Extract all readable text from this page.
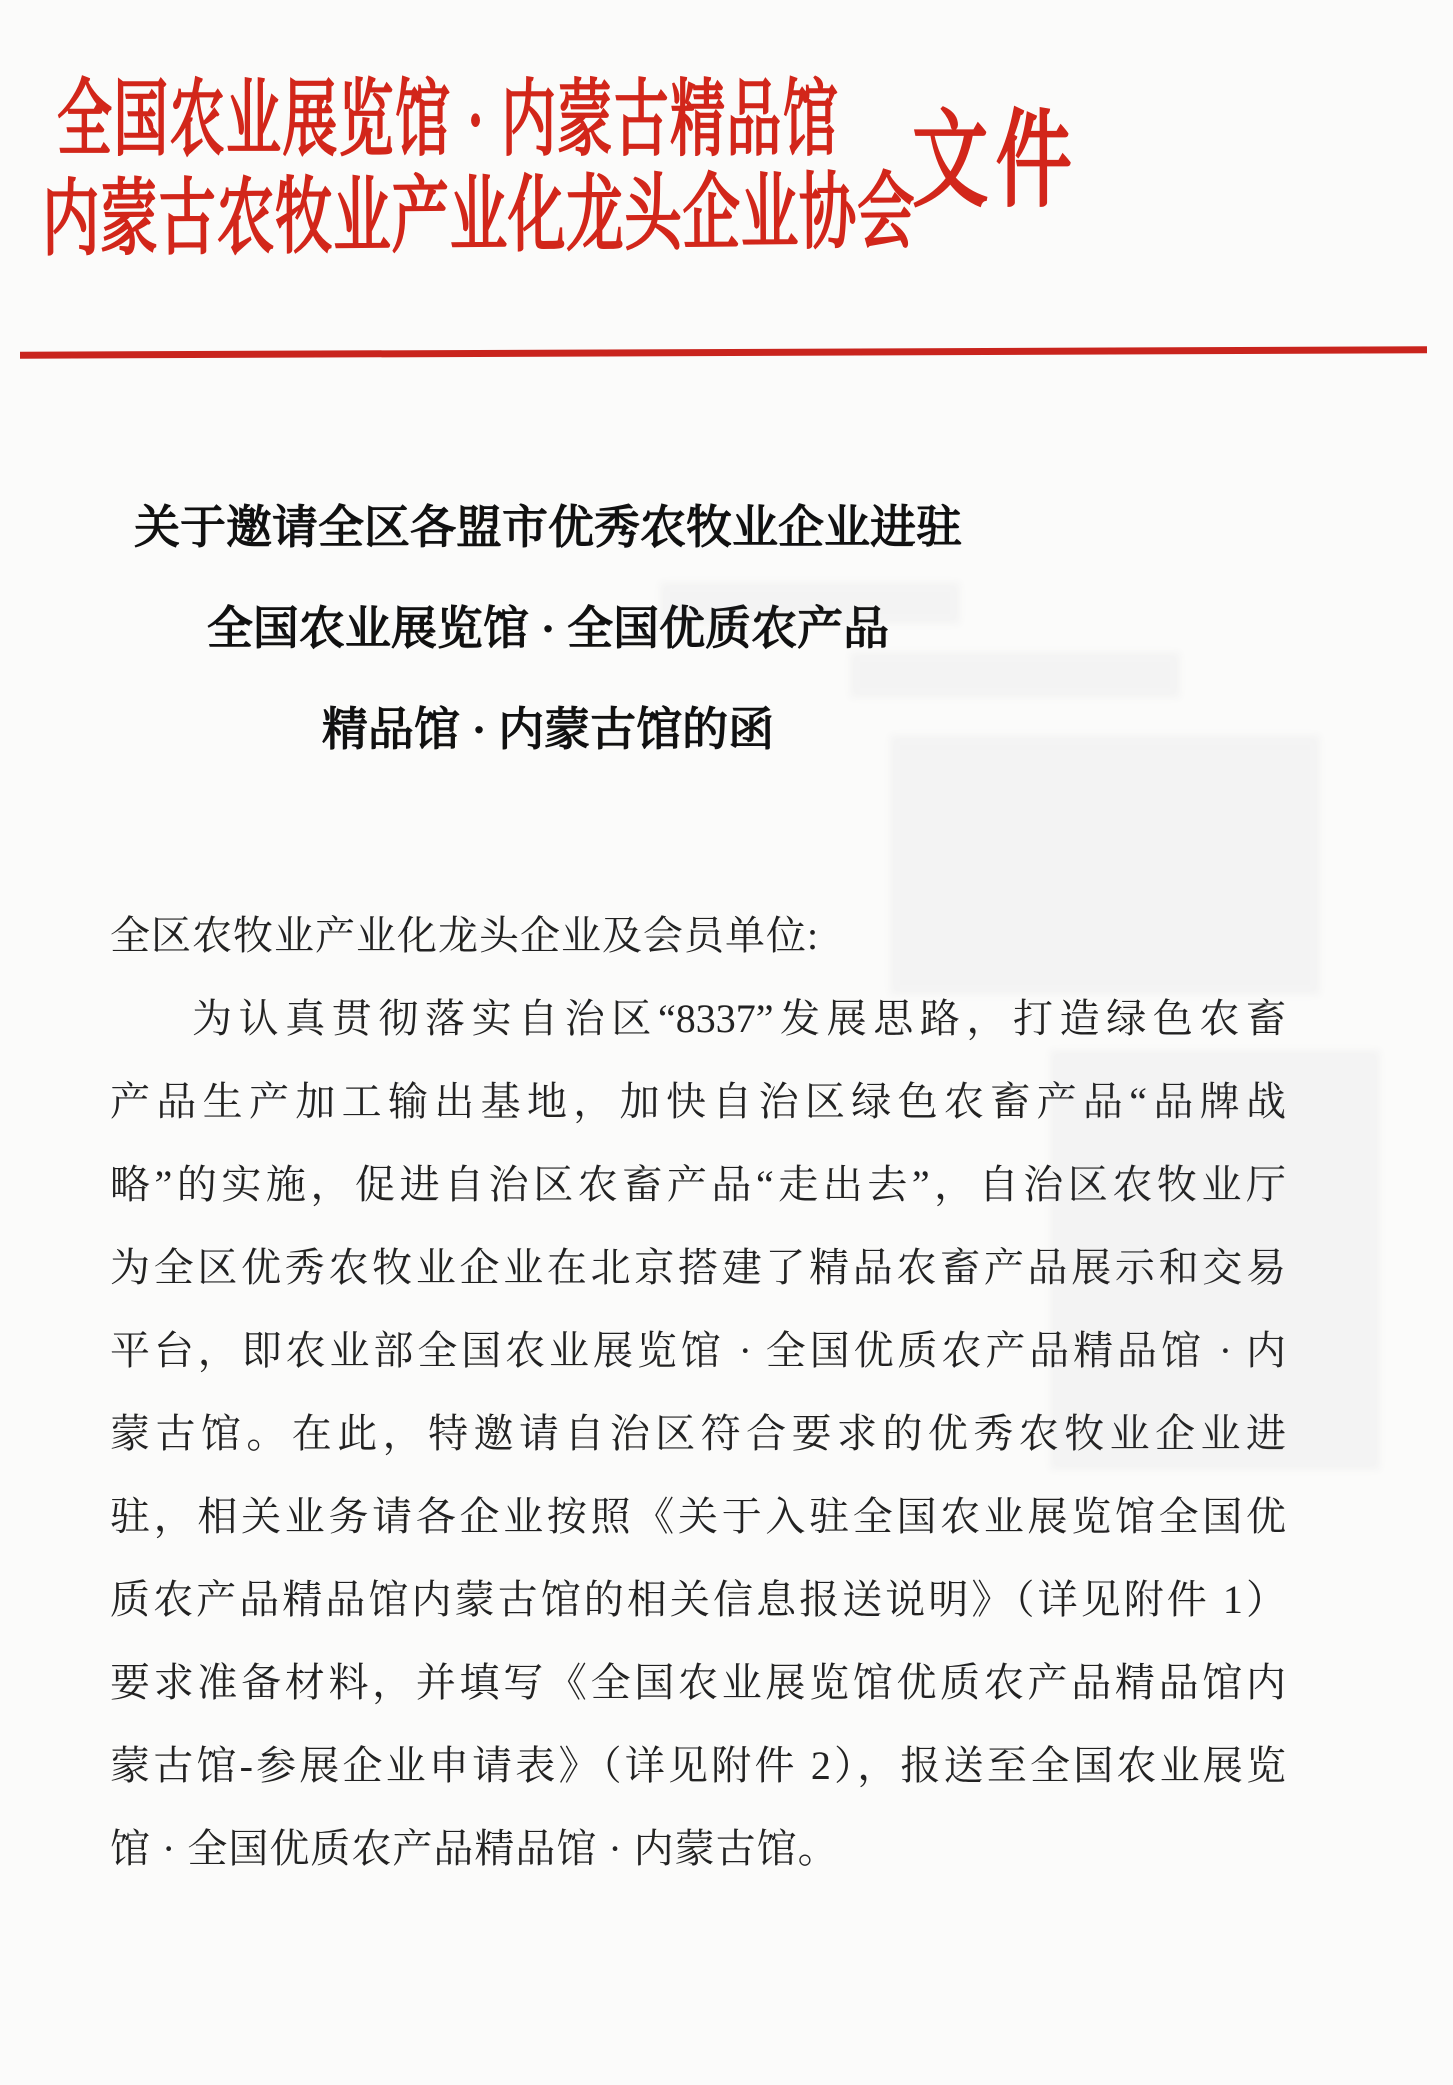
全国农业展览馆 · 内蒙古精品馆
内蒙古农牧业产业化龙头企业协会
文件
关于邀请全区各盟市优秀农牧业企业进驻
全国农业展览馆 · 全国优质农产品
精品馆 · 内蒙古馆的函
全区农牧业产业化龙头企业及会员单位:
为认真贯彻落实自治区“8337”发展思路，打造绿色农畜
产品生产加工输出基地，加快自治区绿色农畜产品“品牌战
略”的实施，促进自治区农畜产品“走出去”，自治区农牧业厅
为全区优秀农牧业企业在北京搭建了精品农畜产品展示和交易
平台，即农业部全国农业展览馆 · 全国优质农产品精品馆 · 内
蒙古馆。在此，特邀请自治区符合要求的优秀农牧业企业进
驻，相关业务请各企业按照《关于入驻全国农业展览馆全国优
质农产品精品馆内蒙古馆的相关信息报送说明》（详见附件 1）
要求准备材料，并填写《全国农业展览馆优质农产品精品馆内
蒙古馆-参展企业申请表》（详见附件 2），报送至全国农业展览
馆 · 全国优质农产品精品馆 · 内蒙古馆。
